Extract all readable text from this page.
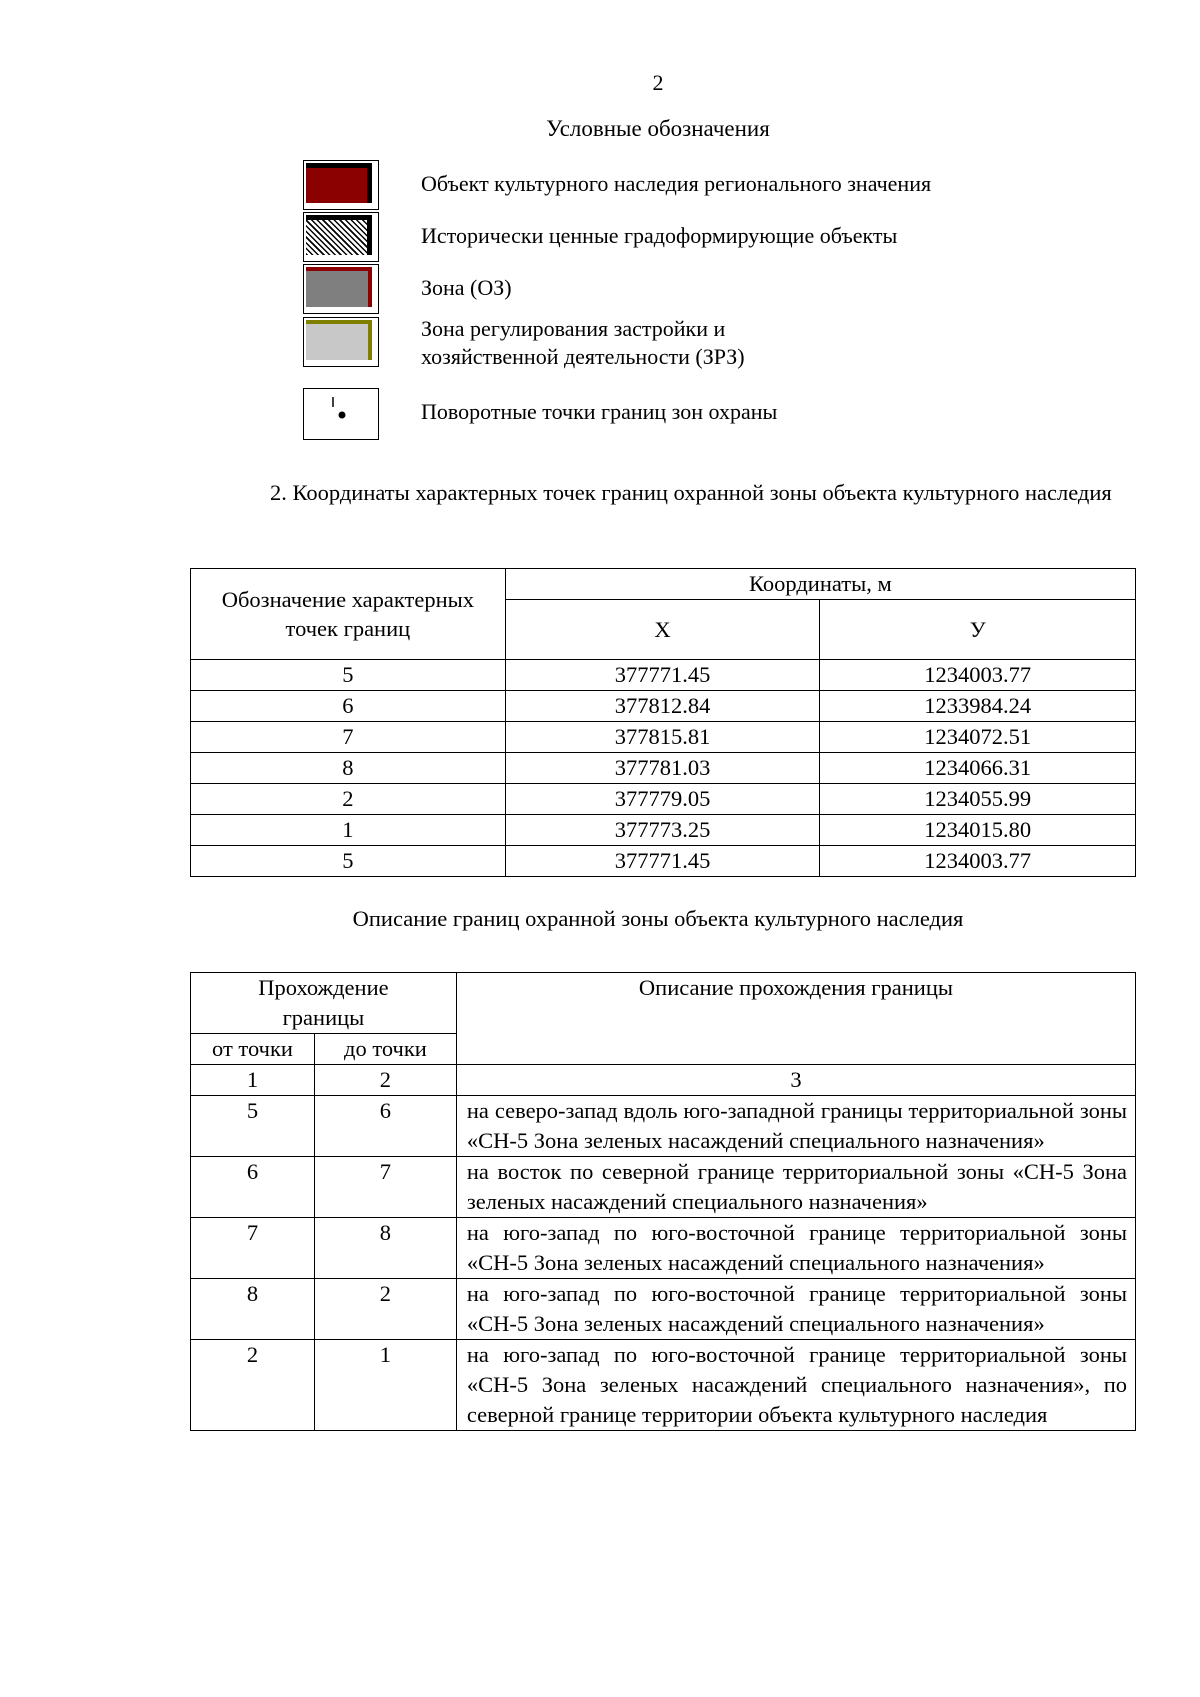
2
Условные обозначения
Объект культурного наследия регионального значения
Исторически ценные градоформирующие объекты
Зона (ОЗ)
Зона регулирования застройки и
хозяйственной деятельности (ЗРЗ)
Поворотные точки границ зон охраны
2. Координаты характерных точек границ охранной зоны объекта культурного наследия
Обозначение характерных точек границ	Координаты, м	
	Х	У
5	377771.45	1234003.77
6	377812.84	1233984.24
7	377815.81	1234072.51
8	377781.03	1234066.31
2	377779.05	1234055.99
1	377773.25	1234015.80
5	377771.45	1234003.77
Описание границ охранной зоны объекта культурного наследия
Прохождение границы		Описание прохождения границы
от точки	до точки	
1	2	3
5	6	на северо-запад вдоль юго-западной границы территориальной зоны «СН-5 Зона зеленых насаждений специального назначения»
6	7	на восток по северной границе территориальной зоны «СН-5 Зона зеленых насаждений специального назначения»
7	8	на юго-запад по юго-восточной границе территориальной зоны «СН-5 Зона зеленых насаждений специального назначения»
8	2	на юго-запад по юго-восточной границе территориальной зоны «СН-5 Зона зеленых насаждений специального назначения»
2	1	на юго-запад по юго-восточной границе территориальной зоны «СН-5 Зона зеленых насаждений специального назначения», по северной границе территории объекта культурного наследия
